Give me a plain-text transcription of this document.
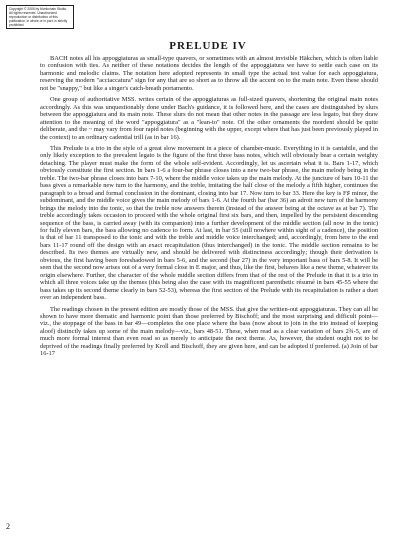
Copyright © 2005 by Monkchain Studio. All rights reserved. Unauthorized reproduction or distribution of this publication, in whole or in part, is strictly prohibited.
PRELUDE IV

BACH notes all his appoggiaturas as small-type quavers, or sometimes with an almost invisible Häkchen, which is often liable to confusion with ties. As neither of these notations decides the length of the appoggiatura we have to settle each case on its harmonic and melodic claims. The notation here adopted represents in small type the actual test value for each appoggiatura, reserving the modern "acciaccatura" sign for any that are so short as to throw all the accent on to the main note. Even these should not be "snappy," but like a singer's catch-breath portamento.

One group of authoritative MSS. writes certain of the appoggiaturas as full-sized quavers, shortening the original main notes accordingly. As this was unquestionably done under Bach's guidance, it is followed here, and the cases are distinguished by slurs between the appoggiatura and its main note. These slurs do not mean that other notes in the passage are less legato, but they draw attention to the meaning of the word "appoggiatura" as a "lean-to" note. Of the other ornaments the mordent should be quite deliberate, and the ~ may vary from four rapid notes (beginning with the upper, except where that has just been previously played in the context) to an ordinary cadential trill (as in bar 16).

This Prelude is a trio in the style of a great slow movement in a piece of chamber-music. Everything in it is cantabile, and the only likely exception to the prevalent legato is the figure of the first three bass notes, which will obviously bear a certain weighty detaching. The player must make the form of the whole self-evident. Accordingly, let us ascertain what it is. Bars 1-17, which obviously constitute the first section. In bars 1-6 a four-bar phrase closes into a new two-bar phrase, the main melody being in the treble. The two-bar phrase closes into bars 7-10, where the middle voice takes up the main melody. At the juncture of bars 10-11 the bass gives a remarkable new turn to the harmony, and the treble, imitating the half close of the melody a fifth higher, continues the paragraph to a broad and formal conclusion in the dominant, closing into bar 17. Now turn to bar 33. Here the key is F♯ minor, the subdominant, and the middle voice gives the main melody of bars 1-6. At the fourth bar (bar 36) an adroit new turn of the harmony brings the melody into the tonic, so that the treble now answers therein (instead of the answer being at the octave as at bar 7). The treble accordingly takes occasion to proceed with the whole original first six bars, and then, impelled by the persistent descending sequence of the bass, is carried away (with its companion) into a further development of the middle section (all now in the tonic) for fully eleven bars, the bass allowing no cadence to form. At last, in bar 55 (still nowhere within sight of a cadence), the position is that of bar 11 transposed to the tonic and with the treble and middle voice interchanged; and, accordingly, from here to the end bars 11-17 round off the design with an exact recapitulation (thus interchanged) in the tonic. The middle section remains to be described. Its two themes are virtually new, and should be delivered with distinctness accordingly; though their derivation is obvious, the first having been foreshadowed in bars 5-6, and the second (bar 27) in the very important bass of bars 5-8. It will be seen that the second now arises out of a very formal close in E major, and thus, like the first, behaves like a new theme, whatever its origin elsewhere. Further, the character of the whole middle section differs from that of the rest of the Prelude in that it is a trio in which all three voices take up the themes (this being also the case with its magnificent parenthetic résumé in bars 45-55 where the bass takes up its second theme clearly in bars 52-53), whereas the first section of the Prelude with its recapitulation is rather a duet over an independent bass.

The readings chosen in the present edition are mostly those of the MSS. that give the written-out appoggiaturas. They can all be shown to have more thematic and harmonic point than those preferred by Bischoff; and the most surprising and difficult point—viz., the stoppage of the bass in bar 49—completes the one place where the bass (now about to join in the trio instead of keeping aloof) distinctly takes up some of the main melody—viz., bars 48-51. These, when read as a clear variation of bars 2¾-5, are of much more formal interest than even read so as merely to anticipate the next theme. As, however, the student ought not to be deprived of the readings finally preferred by Kroll and Bischoff, they are given here, and can be adopted if preferred. (a) Join of bar 16-17

2
